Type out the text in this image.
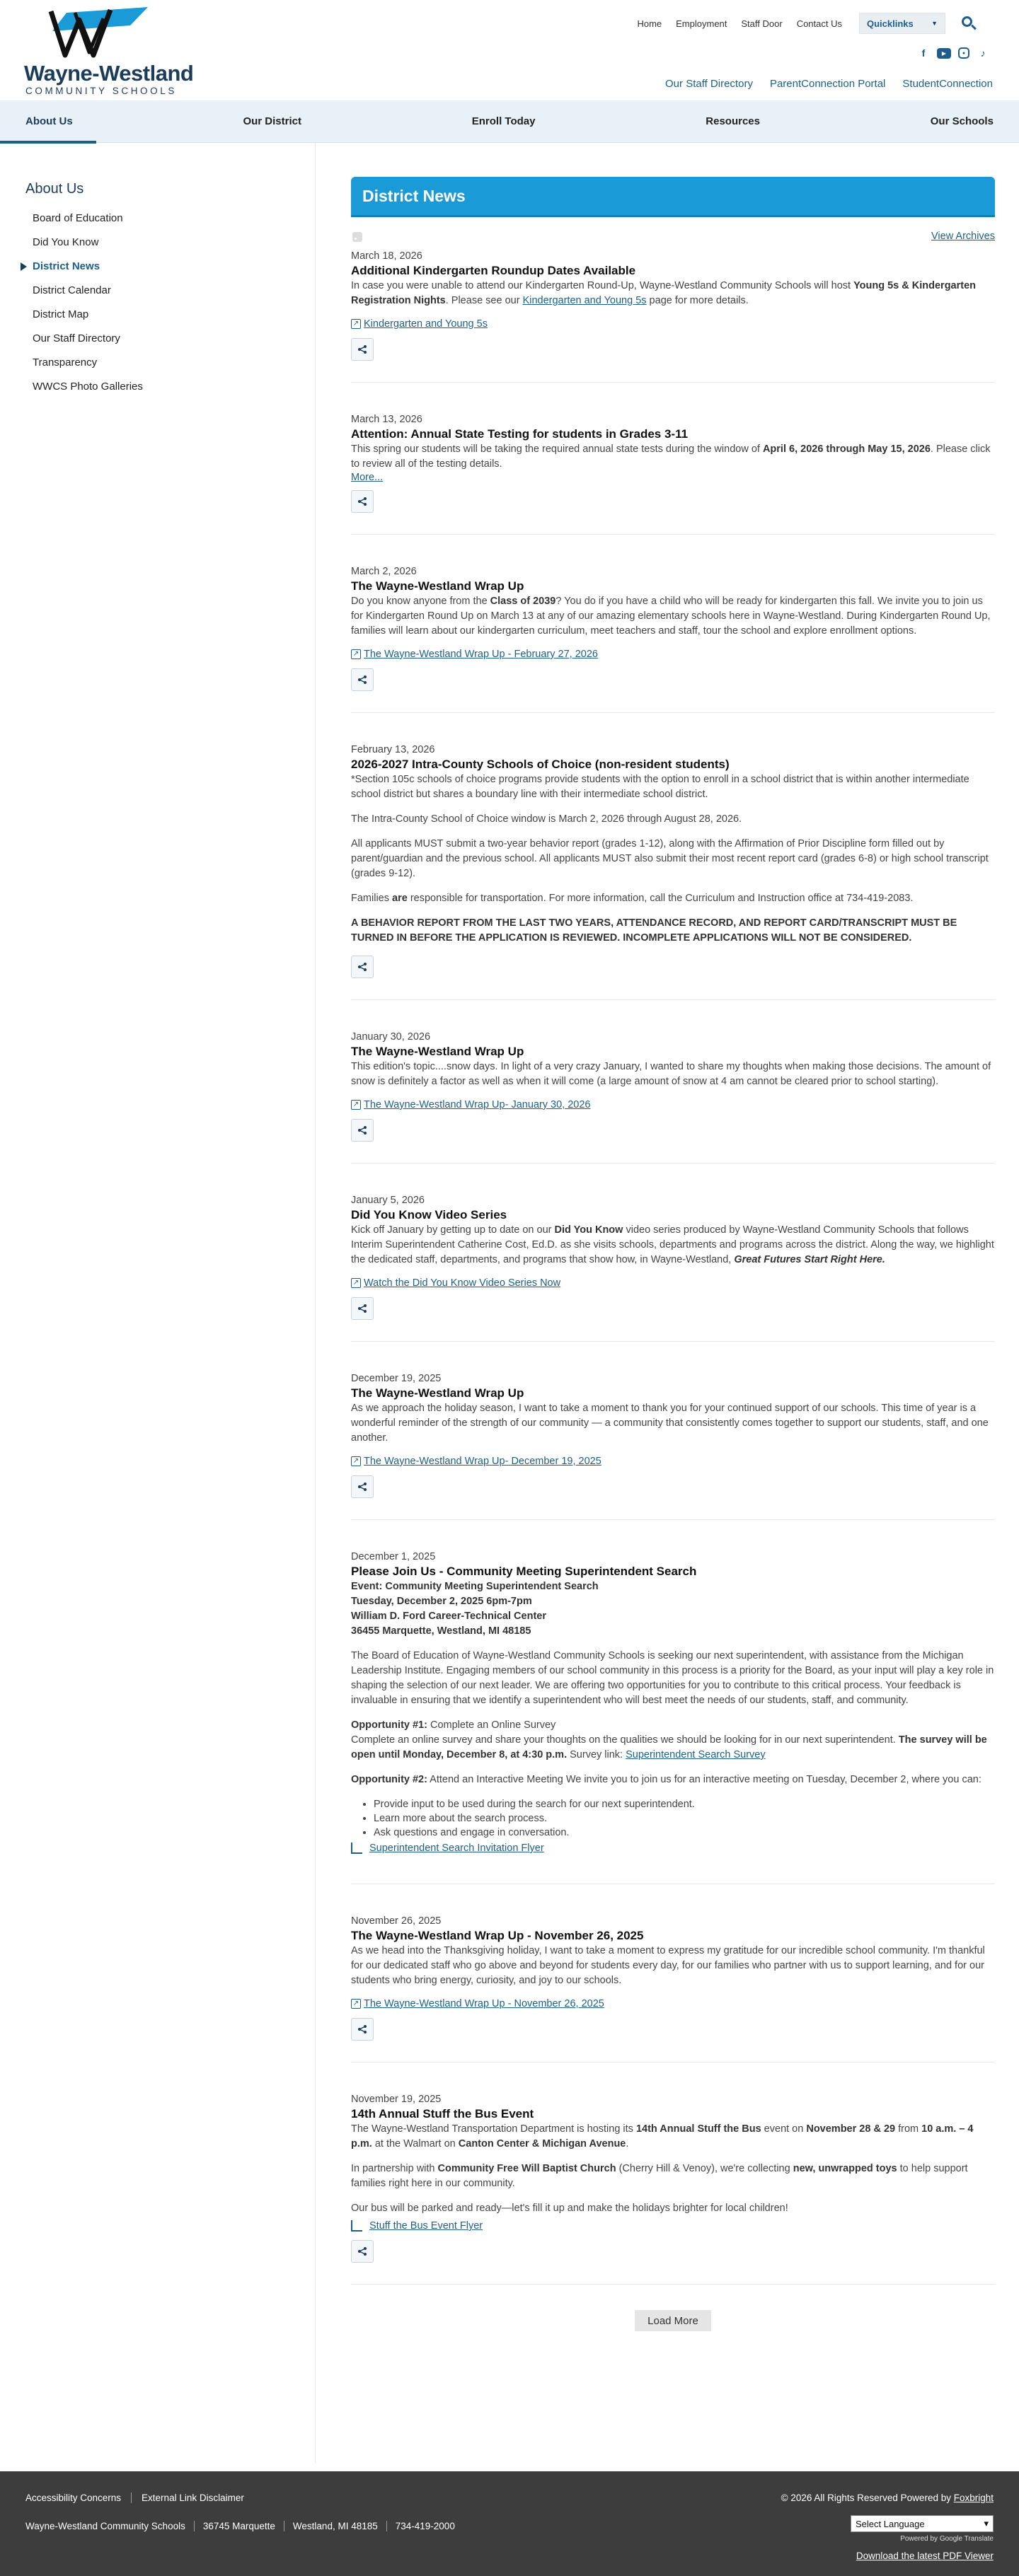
Wayne-Westland
COMMUNITY SCHOOLS
Home	Employment	Staff Door	Contact Us	Quicklinks	▼
f	▶	●	♪
Our Staff Directory ParentConnection Portal StudentConnection
About Us	Our District	Enroll Today	Resources	Our Schools
About Us
Board of Education
Did You Know
District News
District Calendar
District Map
Our Staff Directory
Transparency
WWCS Photo Galleries
District News
View Archives
March 18, 2026
Additional Kindergarten Roundup Dates Available

In case you were unable to attend our Kindergarten Round-Up, Wayne-Westland Community Schools will host Young 5s & Kindergarten Registration Nights. Please see our Kindergarten and Young 5s page for more details.

↗ Kindergarten and Young 5s
March 13, 2026
Attention: Annual State Testing for students in Grades 3-11

This spring our students will be taking the required annual state tests during the window of April 6, 2026 through May 15, 2026. Please click to review all of the testing details.

More...
March 2, 2026
The Wayne-Westland Wrap Up

Do you know anyone from the Class of 2039? You do if you have a child who will be ready for kindergarten this fall. We invite you to join us for Kindergarten Round Up on March 13 at any of our amazing elementary schools here in Wayne-Westland. During Kindergarten Round Up, families will learn about our kindergarten curriculum, meet teachers and staff, tour the school and explore enrollment options.

↗ The Wayne-Westland Wrap Up - February 27, 2026
February 13, 2026
2026-2027 Intra-County Schools of Choice (non-resident students)

*Section 105c schools of choice programs provide students with the option to enroll in a school district that is within another intermediate school district but shares a boundary line with their intermediate school district.

The Intra-County School of Choice window is March 2, 2026 through August 28, 2026.

All applicants MUST submit a two-year behavior report (grades 1-12), along with the Affirmation of Prior Discipline form filled out by parent/guardian and the previous school. All applicants MUST also submit their most recent report card (grades 6-8) or high school transcript (grades 9-12).

Families are responsible for transportation. For more information, call the Curriculum and Instruction office at 734-419-2083.

A BEHAVIOR REPORT FROM THE LAST TWO YEARS, ATTENDANCE RECORD, AND REPORT CARD/TRANSCRIPT MUST BE TURNED IN BEFORE THE APPLICATION IS REVIEWED. INCOMPLETE APPLICATIONS WILL NOT BE CONSIDERED.

January 30, 2026
The Wayne-Westland Wrap Up

This edition's topic....snow days. In light of a very crazy January, I wanted to share my thoughts when making those decisions. The amount of snow is definitely a factor as well as when it will come (a large amount of snow at 4 am cannot be cleared prior to school starting).

↗ The Wayne-Westland Wrap Up- January 30, 2026
January 5, 2026
Did You Know Video Series

Kick off January by getting up to date on our Did You Know video series produced by Wayne-Westland Community Schools that follows Interim Superintendent Catherine Cost, Ed.D. as she visits schools, departments and programs across the district. Along the way, we highlight the dedicated staff, departments, and programs that show how, in Wayne-Westland, Great Futures Start Right Here.

↗ Watch the Did You Know Video Series Now
December 19, 2025
The Wayne-Westland Wrap Up

As we approach the holiday season, I want to take a moment to thank you for your continued support of our schools. This time of year is a wonderful reminder of the strength of our community — a community that consistently comes together to support our students, staff, and one another.

↗ The Wayne-Westland Wrap Up- December 19, 2025
December 1, 2025
Please Join Us - Community Meeting Superintendent Search

Event: Community Meeting Superintendent Search
Tuesday, December 2, 2025 6pm-7pm
William D. Ford Career-Technical Center
36455 Marquette, Westland, MI 48185

The Board of Education of Wayne-Westland Community Schools is seeking our next superintendent, with assistance from the Michigan Leadership Institute. Engaging members of our school community in this process is a priority for the Board, as your input will play a key role in shaping the selection of our next leader. We are offering two opportunities for you to contribute to this critical process. Your feedback is invaluable in ensuring that we identify a superintendent who will best meet the needs of our students, staff, and community.

Opportunity #1: Complete an Online Survey

Complete an online survey and share your thoughts on the qualities we should be looking for in our next superintendent. The survey will be open until Monday, December 8, at 4:30 p.m. Survey link: Superintendent Search Survey

Opportunity #2: Attend an Interactive Meeting We invite you to join us for an interactive meeting on Tuesday, December 2, where you can:

• Provide input to be used during the search for our next superintendent.
• Learn more about the search process.
• Ask questions and engage in conversation.
Superintendent Search Invitation Flyer
November 26, 2025
The Wayne-Westland Wrap Up - November 26, 2025

As we head into the Thanksgiving holiday, I want to take a moment to express my gratitude for our incredible school community. I'm thankful for our dedicated staff who go above and beyond for students every day, for our families who partner with us to support learning, and for our students who bring energy, curiosity, and joy to our schools.

↗ The Wayne-Westland Wrap Up - November 26, 2025
November 19, 2025
14th Annual Stuff the Bus Event

The Wayne-Westland Transportation Department is hosting its 14th Annual Stuff the Bus event on November 28 & 29 from 10 a.m. – 4 p.m. at the Walmart on Canton Center & Michigan Avenue.

In partnership with Community Free Will Baptist Church (Cherry Hill & Venoy), we're collecting new, unwrapped toys to help support families right here in our community.

Our bus will be parked and ready—let's fill it up and make the holidays brighter for local children!

Stuff the Bus Event Flyer
Load More
Accessibility Concerns	External Link Disclaimer
Wayne-Westland Community Schools	36745 Marquette	Westland, MI 48185	734-419-2000
© 2026 All Rights Reserved Powered by Foxbright
Select Language	▾
Powered by Google Translate
Download the latest PDF Viewer
